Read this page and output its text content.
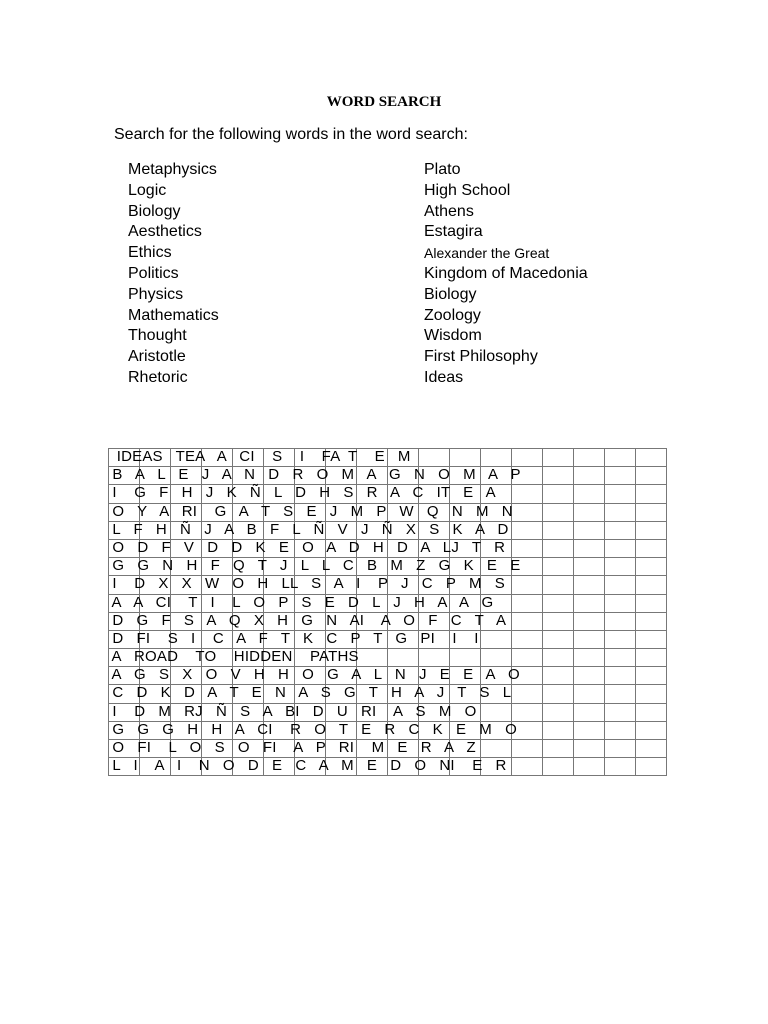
WORD SEARCH
Search for the following words in the word search:
Metaphysics
Logic
Biology
Aesthetics
Ethics
Politics
Physics
Mathematics
Thought
Aristotle
Rhetoric
Plato
High School
Athens
Estagira
Alexander the Great
Kingdom of Macedonia
Biology
Zoology
Wisdom
First Philosophy
Ideas

IDEAS   TEA   A   CI    S    I    FA  T    E   M
B   A   L   E   J   A   N   D   R   O   M   A   G   N   O   M   A   P
I    G   F   H   J   K   Ñ   L   D   H   S   R   A   C   IT   E   A
O   Y   A   RI    G   A   T   S   E   J   M   P   W   Q   N   M   N
L   F   H   Ñ   J   A   B   F   L   Ñ   V   J   Ñ   X   S   K   A   D
O   D   F   V   D   D   K   E   O   A   D   H   D   A   LJ   T   R
G   G   N   H   F   Q   T   J   L   L   C   B   M   Z   G   K   E   E
I    D   X   X   W   O   H   LL   S   A   I    P   J   C   P   M   S
A   A   CI    T   I    L   O   P   S   E   D   L   J   H   A   A   G
D   G   F   S   A   Q   X   H   G   N   AI    A   O   F   C   T   A
D   FI    S   I    C   A   F   T   K   C   P   T   G   PI    I    I
A   ROAD    TO    HIDDEN    PATHS
A   G   S   X   O   V   H   H   O   G   A   L   N   J   E   E   A   O
C   D   K   D   A   T   E   N   A   S   G   T   H   A   J   T   S   L
I    D   M   RJ   Ñ   S   A   BI   D   U   RI    A   S   M   O
G   G   G   H   H   A   CI    R   O   T   E   R   C   K   E   M   O
O   FI    L   O   S   O   FI    A   P   RI    M   E   R   A   Z
L   I    A   I    N   O   D   E   C   A   M   E   D   O   NI    E   R
